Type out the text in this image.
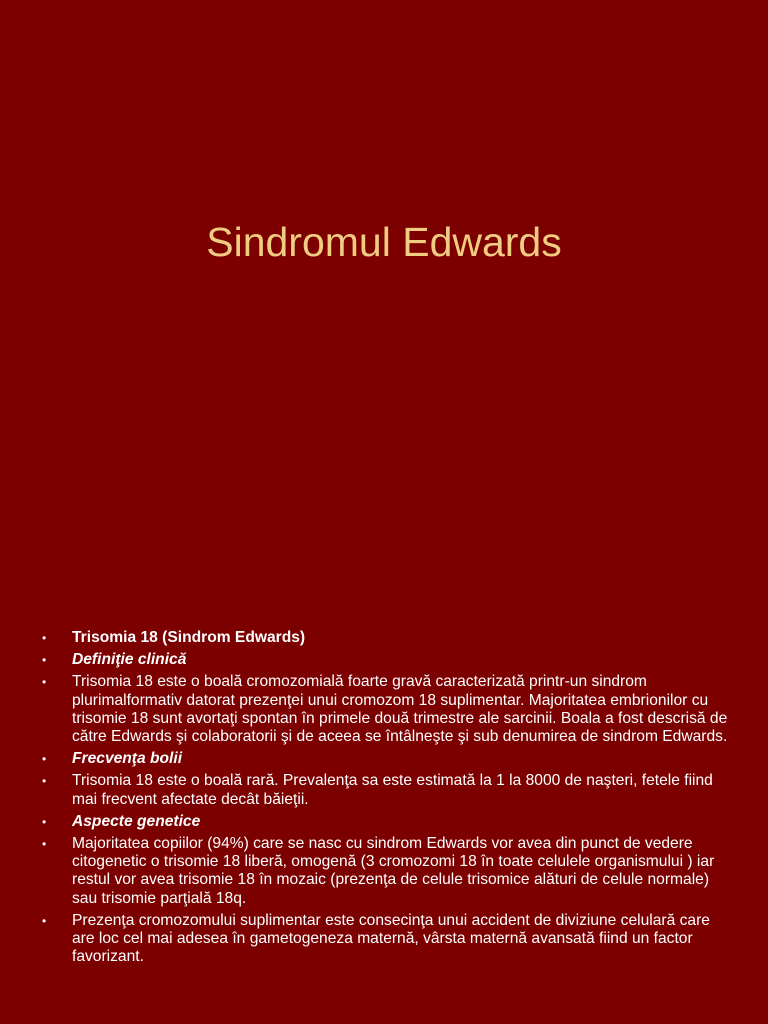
Sindromul Edwards
• Trisomia 18 (Sindrom Edwards)
• Definiţie clinică
• Trisomia 18 este o boală cromozomială foarte gravă caracterizată printr-un sindrom plurimalformativ datorat prezenţei unui cromozom 18 suplimentar. Majoritatea embrionilor cu trisomie 18 sunt avortaţi spontan în primele două trimestre ale sarcinii. Boala a fost descrisă de către Edwards şi colaboratorii şi de aceea se întâlneşte şi sub denumirea de sindrom Edwards.
• Frecvenţa bolii
• Trisomia 18 este o boală rară. Prevalenţa sa este estimată la 1 la 8000 de naşteri, fetele fiind mai frecvent afectate decât băieţii.
• Aspecte genetice
• Majoritatea copiilor (94%) care se nasc cu sindrom Edwards vor avea din punct de vedere citogenetic o trisomie 18 liberă, omogenă (3 cromozomi 18 în toate celulele organismului ) iar restul vor avea trisomie 18 în mozaic (prezenţa de celule trisomice alături de celule normale) sau trisomie parţială 18q.
• Prezenţa cromozomului suplimentar este consecinţa unui accident de diviziune celulară care are loc cel mai adesea în gametogeneza maternă, vârsta maternă avansată fiind un factor favorizant.
